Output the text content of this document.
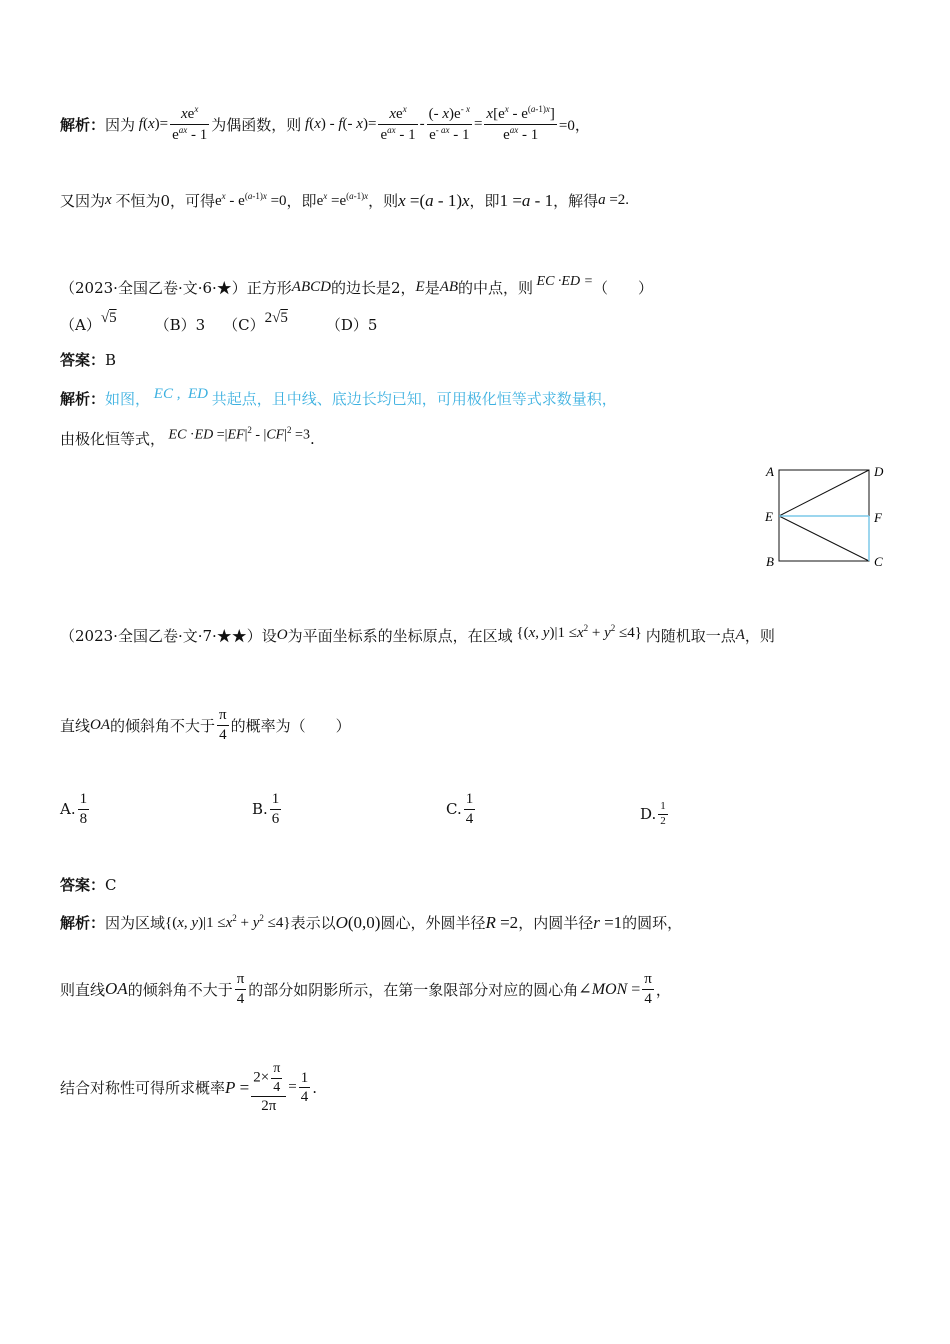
解析： 因为 $f(x)= \frac{xe^x}{e^{ax} - 1}$ 为偶函数，则 f(x) - f(- $x)= \frac{xe^x}{e^{ax} - 1} - \frac{(- x)e^{- x}}{e^{- ax} - 1} = \frac{x[e^x - e^{(a-1)x}]}{e^{ax} - 1} =0$，
又因为 x 不恒为 0，可得 $e^x - e^{(a-1)x} =0$ ，即 $e^x =e^{(a-1)x}$ ，则 x =(a - 1)x ，即 1 =a - 1 ，解得 a =2.
（2023·全国乙卷·文·6·★）正方形 ABCD 的边长是2， E 是 AB 的中点，则 EC ·ED = （　　）
（A） √5	（B）3 （C） 2√5	（D）5
答案：B
解析： 如图， EC ,  ED 共起点，且中线、底边长均已知，可用极化恒等式求数量积，
由极化恒等式， EC $\cdot ED =|EF|^2 - |CF|^2 =3$ .
A	D
E	F
B	C
（2023·全国乙卷·文·7·★★）设 O 为平面坐标系的坐标原点，在区域 {(x, $y)|1 \le x^2 + y^2 \le 4$} 内随机取一点 A ，则
直线 OA 的倾斜角不大于 $\frac{\pi}{4}$ 的概率为（　　）
A. $\frac{1}{8}$	B. $\frac{1}{6}$	C. $\frac{1}{4}$	D. $\frac{1}{2}$
答案：C
解析： 因为区域 {(x, $y)|1 \le x^2 + y^2 \le 4$} 表示以 O(0,0) 圆心，外圆半径 R =2 ，内圆半径 r =1 的圆环，
则直线 OA 的倾斜角不大于 $\frac{\pi}{4}$ 的部分如阴影所示，在第一象限部分对应的圆心角 ∠MON = $\frac{\pi}{4}$ ，
结合对称性可得所求概率 $P = \frac{2\times \frac{\pi}{4}}{2\pi} = \frac{1}{4}$ .
